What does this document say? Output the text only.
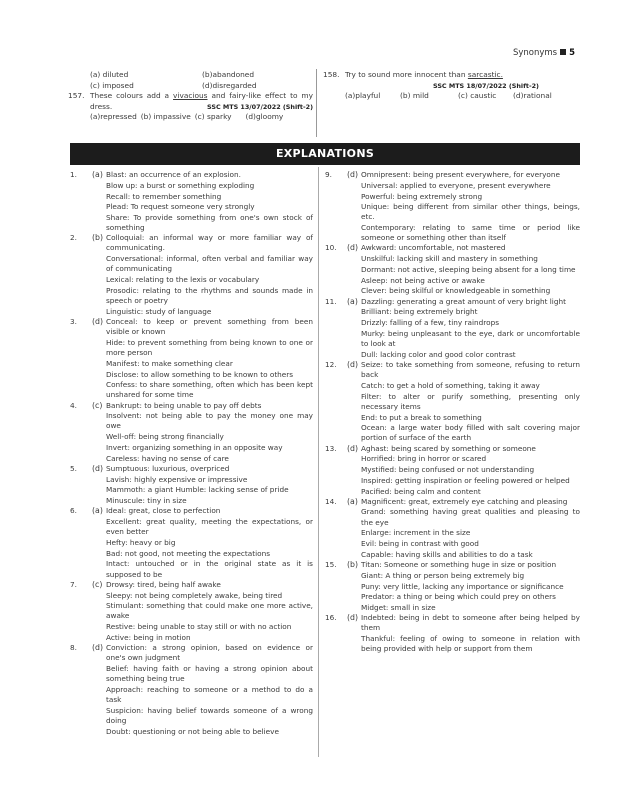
Synonyms 5
(a) diluted	(b)abandoned
(c) imposed	(d)disregarded
157. These colours add a vivacious and fairy-like effect to my dress.	SSC MTS 13/07/2022 (Shift-2)
(a)repressed (b) impassive (c) sparky (d)gloomy
158. Try to sound more innocent than sarcastic.
SSC MTS 18/07/2022 (Shift-2)
(a)playful	(b) mild	(c) caustic	(d)rational
EXPLANATIONS
1.	(a) Blast: an occurrence of an explosion.
Blow up: a burst or something exploding
Recall: to remember something
Plead: To request someone very strongly
Share: To provide something from one's own stock of something
2.	(b) Colloquial: an informal way or more familiar way of communicating.
Conversational: informal, often verbal and familiar way of communicating
Lexical: relating to the lexis or vocabulary
Prosodic: relating to the rhythms and sounds made in speech or poetry
Linguistic: study of language
3.	(d) Conceal: to keep or prevent something from been visible or known
Hide: to prevent something from being known to one or more person
Manifest: to make something clear
Disclose: to allow something to be known to others
Confess: to share something, often which has been kept unshared for some time
4.	(c) Bankrupt: to being unable to pay off debts
Insolvent: not being able to pay the money one may owe
Well-off: being strong financially
Invert: organizing something in an opposite way
Careless: having no sense of care
5.	(d) Sumptuous: luxurious, overpriced
Lavish: highly expensive or impressive
Mammoth: a giant Humble: lacking sense of pride
Minuscule: tiny in size
6.	(a) Ideal: great, close to perfection
Excellent: great quality, meeting the expectations, or even better
Hefty: heavy or big
Bad: not good, not meeting the expectations
Intact: untouched or in the original state as it is supposed to be
7.	(c) Drowsy: tired, being half awake
Sleepy: not being completely awake, being tired
Stimulant: something that could make one more active, awake
Restive: being unable to stay still or with no action
Active: being in motion
8.	(d) Conviction: a strong opinion, based on evidence or one's own judgment
Belief: having faith or having a strong opinion about something being true
Approach: reaching to someone or a method to do a task
Suspicion: having belief towards someone of a wrong doing
Doubt: questioning or not being able to believe
9.	(d) Omnipresent: being present everywhere, for everyone
Universal: applied to everyone, present everywhere
Powerful: being extremely strong
Unique: being different from similar other things, beings, etc.
Contemporary: relating to same time or period like someone or something other than itself
10.	(d) Awkward: uncomfortable, not mastered
Unskilful: lacking skill and mastery in something
Dormant: not active, sleeping being absent for a long time
Asleep: not being active or awake
Clever: being skilful or knowledgeable in something
11.	(a) Dazzling: generating a great amount of very bright light
Brilliant: being extremely bright
Drizzly: falling of a few, tiny raindrops
Murky: being unpleasant to the eye, dark or uncomfortable to look at
Dull: lacking color and good color contrast
12.	(d) Seize: to take something from someone, refusing to return back
Catch: to get a hold of something, taking it away
Filter: to alter or purify something, presenting only necessary items
End: to put a break to something
Ocean: a large water body filled with salt covering major portion of surface of the earth
13.	(d) Aghast: being scared by something or someone
Horrified: bring in horror or scared
Mystified: being confused or not understanding
Inspired: getting inspiration or feeling powered or helped
Pacified: being calm and content
14.	(a) Magnificent: great, extremely eye catching and pleasing
Grand: something having great qualities and pleasing to the eye
Enlarge: increment in the size
Evil: being in contrast with good
Capable: having skills and abilities to do a task
15.	(b) Titan: Someone or something huge in size or position
Giant: A thing or person being extremely big
Puny: very little, lacking any importance or significance
Predator: a thing or being which could prey on others
Midget: small in size
16.	(d) Indebted: being in debt to someone after being helped by them
Thankful: feeling of owing to someone in relation with being provided with help or support from them
